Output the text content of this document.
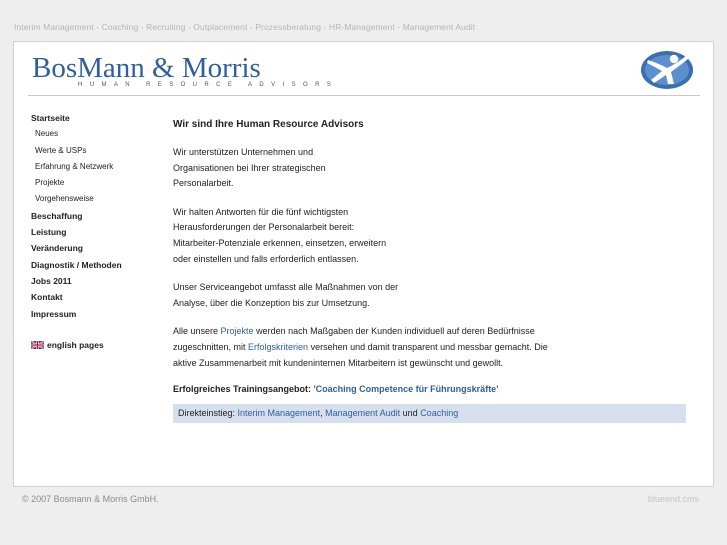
Interim Management - Coaching - Recruiting - Outplacement - Prozessberatung - HR-Management - Management Audit
BosMann & Morris
HUMAN RESOURCE ADVISORS
Startseite
Neues
Werte & USPs
Erfahrung & Netzwerk
Projekte
Vorgehensweise
Beschaffung
Leistung
Veränderung
Diagnostik / Methoden
Jobs 2011
Kontakt
Impressum
english pages
Wir sind Ihre Human Resource Advisors

Wir unterstützen Unternehmen und Organisationen bei Ihrer strategischen Personalarbeit.

Wir halten Antworten für die fünf wichtigsten Herausforderungen der Personalarbeit bereit: Mitarbeiter-Potenziale erkennen, einsetzen, erweitern oder einstellen und falls erforderlich entlassen.

Unser Serviceangebot umfasst alle Maßnahmen von der Analyse, über die Konzeption bis zur Umsetzung.

Alle unsere Projekte werden nach Maßgaben der Kunden individuell auf deren Bedürfnisse zugeschnitten, mit Erfolgskriterien versehen und damit transparent und messbar gemacht. Die aktive Zusammenarbeit mit kundeninternen Mitarbeitern ist gewünscht und gewollt.

Erfolgreiches Trainingsangebot: 'Coaching Competence für Führungskräfte'
Direkteinstieg: Interim Management, Management Audit und Coaching
© 2007 Bosmann & Morris GmbH.	blueend.cms
